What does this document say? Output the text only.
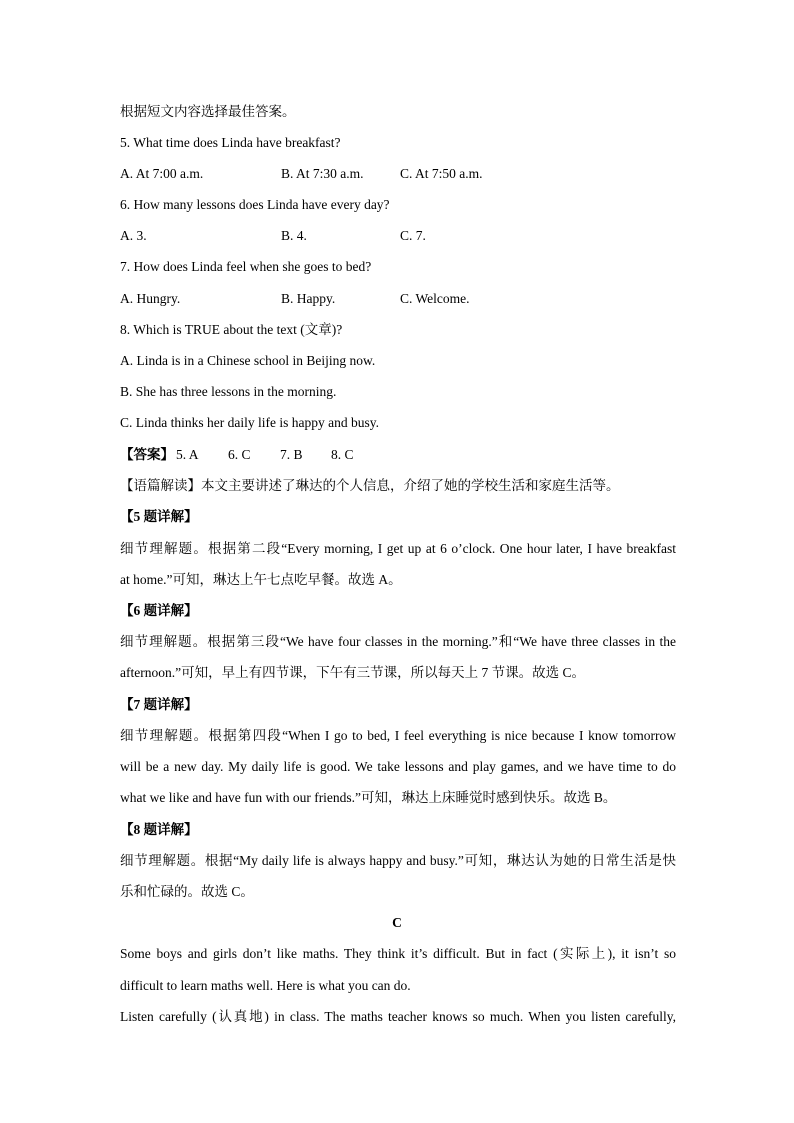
根据短文内容选择最佳答案。
5. What time does Linda have breakfast?
A. At 7:00 a.m.	B. At 7:30 a.m.	C. At 7:50 a.m.
6. How many lessons does Linda have every day?
A. 3.	B. 4.	C. 7.
7. How does Linda feel when she goes to bed?
A. Hungry.	B. Happy.	C. Welcome.
8. Which is TRUE about the text (文章)?
A. Linda is in a Chinese school in Beijing now.
B. She has three lessons in the morning.
C. Linda thinks her daily life is happy and busy.
【答案】 5. A 6. C 7. B 8. C
【语篇解读】本文主要讲述了琳达的个人信息，介绍了她的学校生活和家庭生活等。
【5 题详解】
细节理解题。根据第二段“Every morning, I get up at 6 o’clock. One hour later, I have breakfast
at home.”可知，琳达上午七点吃早餐。故选 A。
【6 题详解】
细节理解题。根据第三段“We have four classes in the morning.”和“We have three classes in the
afternoon.”可知，早上有四节课，下午有三节课，所以每天上 7 节课。故选 C。
【7 题详解】
细节理解题。根据第四段“When I go to bed, I feel everything is nice because I know tomorrow
will be a new day. My daily life is good. We take lessons and play games, and we have time to do
what we like and have fun with our friends.”可知，琳达上床睡觉时感到快乐。故选 B。
【8 题详解】
细节理解题。根据“My daily life is always happy and busy.”可知，琳达认为她的日常生活是快
乐和忙碌的。故选 C。
C
Some boys and girls don’t like maths. They think it’s difficult. But in fact (实际上), it isn’t so
difficult to learn maths well. Here is what you can do.
Listen carefully (认真地) in class. The maths teacher knows so much. When you listen carefully,
